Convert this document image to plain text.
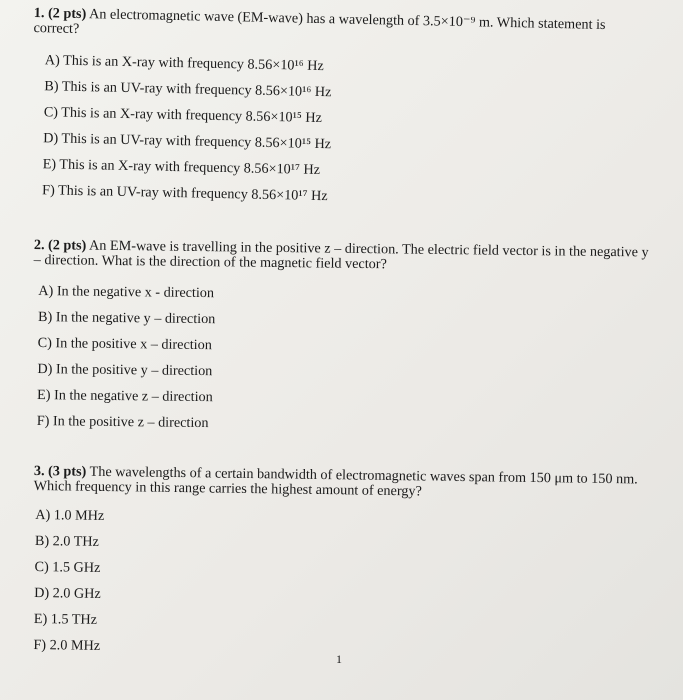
1. (2 pts) An electromagnetic wave (EM-wave) has a wavelength of 3.5×10⁻⁹ m. Which statement is correct?

A) This is an X-ray with frequency 8.56×10¹⁶ Hz
B) This is an UV-ray with frequency 8.56×10¹⁶ Hz
C) This is an X-ray with frequency 8.56×10¹⁵ Hz
D) This is an UV-ray with frequency 8.56×10¹⁵ Hz
E) This is an X-ray with frequency 8.56×10¹⁷ Hz
F) This is an UV-ray with frequency 8.56×10¹⁷ Hz

2. (2 pts) An EM-wave is travelling in the positive z – direction. The electric field vector is in the negative y – direction. What is the direction of the magnetic field vector?

A) In the negative x - direction
B) In the negative y – direction
C) In the positive x – direction
D) In the positive y – direction
E) In the negative z – direction
F) In the positive z – direction

3. (3 pts) The wavelengths of a certain bandwidth of electromagnetic waves span from 150 μm to 150 nm. Which frequency in this range carries the highest amount of energy?

A) 1.0 MHz
B) 2.0 THz
C) 1.5 GHz
D) 2.0 GHz
E) 1.5 THz
F) 2.0 MHz
1
